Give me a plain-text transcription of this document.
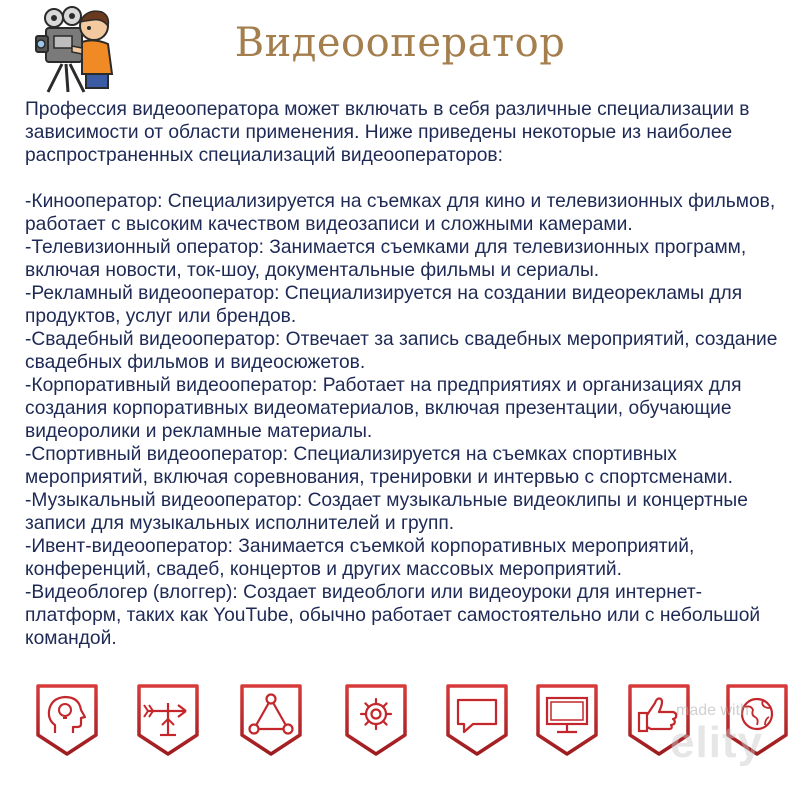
Видеооператор

Профессия видеооператора может включать в себя различные специализации в зависимости от области применения. Ниже приведены некоторые из наиболее распространенных специализаций видеооператоров:

-Кинооператор: Специализируется на съемках для кино и телевизионных фильмов, работает с высоким качеством видеозаписи и сложными камерами.

-Телевизионный оператор: Занимается съемками для телевизионных программ, включая новости, ток-шоу, документальные фильмы и сериалы.

-Рекламный видеооператор: Специализируется на создании видеорекламы для продуктов, услуг или брендов.

-Свадебный видеооператор: Отвечает за запись свадебных мероприятий, создание свадебных фильмов и видеосюжетов.

-Корпоративный видеооператор: Работает на предприятиях и организациях для создания корпоративных видеоматериалов, включая презентации, обучающие видеоролики и рекламные материалы.

-Спортивный видеооператор: Специализируется на съемках спортивных мероприятий, включая соревнования, тренировки и интервью с спортсменами.

-Музыкальный видеооператор: Создает музыкальные видеоклипы и концертные записи для музыкальных исполнителей и групп.

-Ивент-видеооператор: Занимается съемкой корпоративных мероприятий, конференций, свадеб, концертов и других массовых мероприятий.

-Видеоблогер (влоггер): Создает видеоблоги или видеоуроки для интернет-платформ, таких как YouTube, обычно работает самостоятельно или с небольшой командой.

made with
elity
